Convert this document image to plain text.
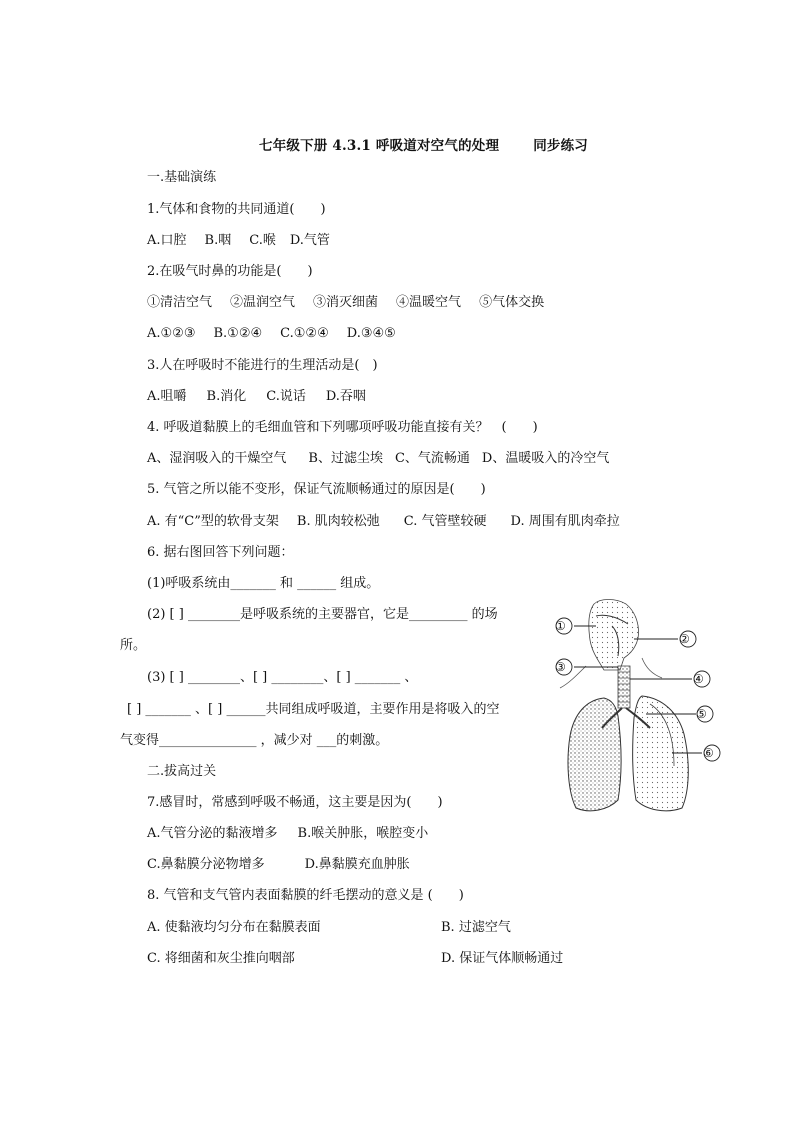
七年级下册 4.3.1 呼吸道对空气的处理	同步练习
一.基础演练
1.气体和食物的共同通道(　　)
A.口腔 B.咽 C.喉 D.气管
2.在吸气时鼻的功能是(　　)
①清洁空气 ②温润空气 ③消灭细菌 ④温暖空气 ⑤气体交换
A.①②③ B.①②④ C.①②④ D.③④⑤
3.人在呼吸时不能进行的生理活动是(　)
A.咀嚼 B.消化 C.说话 D.吞咽
4. 呼吸道黏膜上的毛细血管和下列哪项呼吸功能直接有关？　(　　)
A、湿润吸入的干燥空气 B、过滤尘埃 C、气流畅通 D、温暖吸入的冷空气
5. 气管之所以能不变形，保证气流顺畅通过的原因是(　　)
A. 有“C”型的软骨支架 B. 肌肉较松弛 C. 气管壁较硬 D. 周围有肌肉牵拉
6. 据右图回答下列问题：
(1)呼吸系统由_______ 和 ______ 组成。
(2) [ ] ________是呼吸系统的主要器官，它是_________ 的场
所。
(3) [ ] ________、[ ] ________、[ ] _______ 、
[ ] _______ 、[ ] ______共同组成呼吸道，主要作用是将吸入的空
气变得_______________ ，减少对 ___的刺激。
①
②
③
④
⑤
⑥
二.拔高过关
7.感冒时，常感到呼吸不畅通，这主要是因为(　　)
A.气管分泌的黏液增多 B.喉关肿胀，喉腔变小
C.鼻黏膜分泌物增多	D.鼻黏膜充血肿胀
8. 气管和支气管内表面黏膜的纤毛摆动的意义是 (　　)
A. 使黏液均匀分布在黏膜表面	B. 过滤空气
C. 将细菌和灰尘推向咽部	D. 保证气体顺畅通过
